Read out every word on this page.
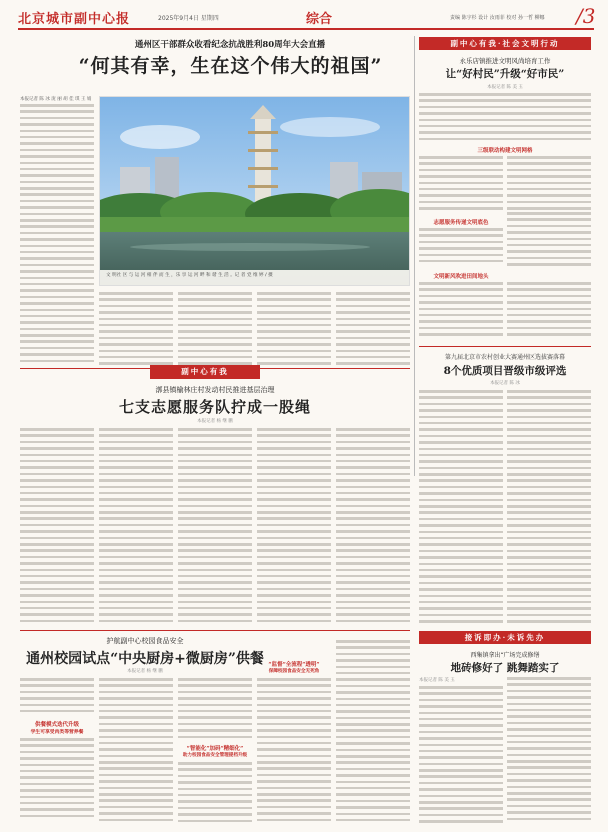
北京城市副中心报	2025年9月4日 星期四	综合	责编 陈宇杉 设计 汝雨菲 校对 孙一哲 柳娜 /3
通州区干部群众收看纪念抗战胜利80周年大会直播
“何其有幸，生在这个伟大的祖国”
本报记者 陈 冰 庞 丽 胡 佳 琪 王 娟
文 明社 区 与 运 河 相 伴 而 生 ，乐 享 运 河 畔 和 谐 生 活 。记 者 党 维 婷 / 摄
副中心有我·社会文明行动
永乐店镇推进文明风尚培育工作
让“好村民”升级“好市民”
本报记者 陈 美 玉
三级联动构建文明网格
志愿服务传递文明底色
文明新风吹进田间地头
第九届北京市农村创业大赛通州区选拔赛落幕
8个优质项目晋级市级评选
本报记者 陈 冰
副中心有我
漷县镇榆林庄村发动村民推进基层治理
七支志愿服务队拧成一股绳
本报记者 杨 继 鹏
护航副中心校园食品安全
通州校园试点“中央厨房+微厨房”供餐
本报记者 杨 继 鹏
供餐模式迭代升级
学生可享受肉类等营养餐
“智能化”加码“精细化”
助力校园食品安全管理提档升级
“监督”全流程“透明”
保障校园食品安全无死角
接诉即办·未诉先办
西集镇拿出“广场完成修缮
地砖修好了 跳舞踏实了
本报记者 陈 美 玉
